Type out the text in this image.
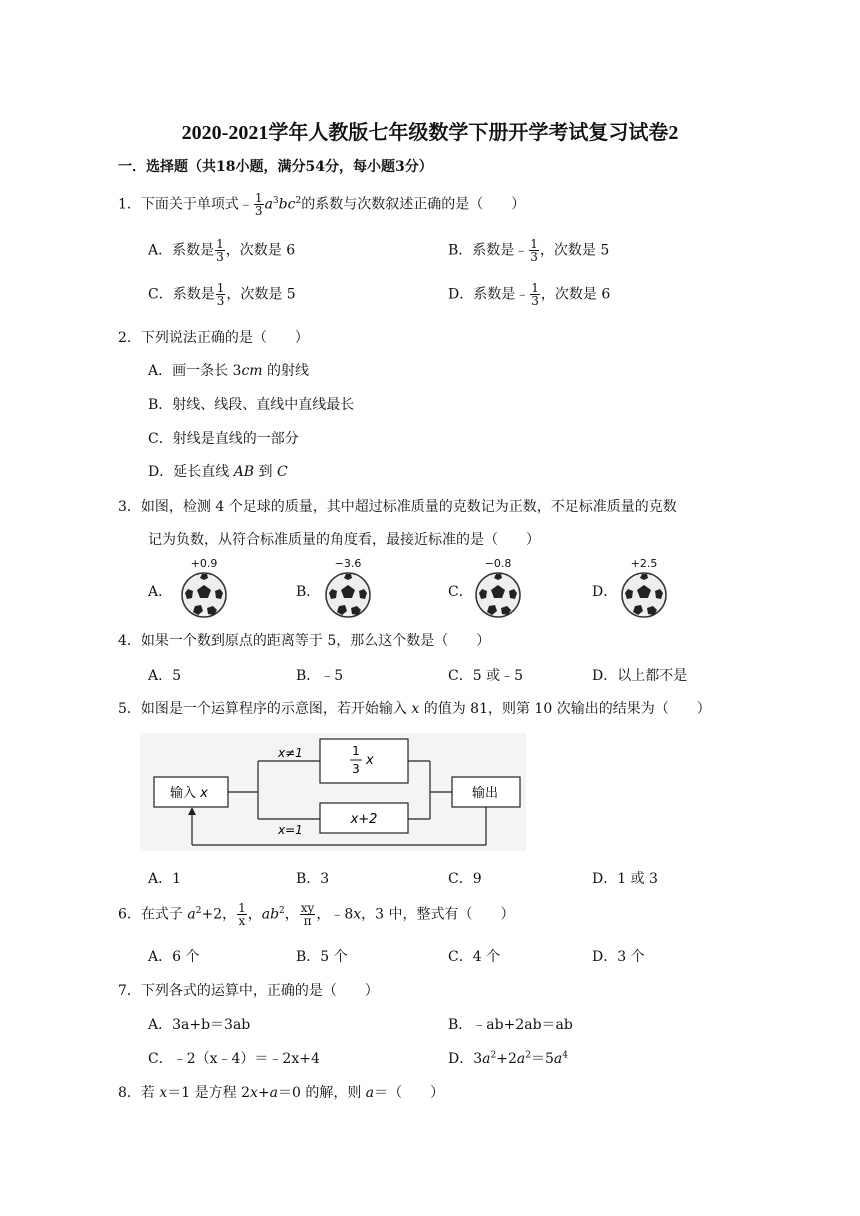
2020-2021学年人教版七年级数学下册开学考试复习试卷2
一．选择题（共18小题，满分54分，每小题3分）
1．下面关于单项式﹣ $\frac{1}{3} a^3bc^2$的系数与次数叙述正确的是（　　）
A．系数是 $\frac{1}{3}$ ，次数是 6	B．系数是﹣ $\frac{1}{3}$ ，次数是 5
C．系数是 $\frac{1}{3}$ ，次数是 5	D．系数是﹣ $\frac{1}{3}$ ，次数是 6
2．下列说法正确的是（　　）
A．画一条长 3cm 的射线
B．射线、线段、直线中直线最长
C．射线是直线的一部分
D．延长直线 AB 到 C
3．如图，检测 4 个足球的质量，其中超过标准质量的克数记为正数，不足标准质量的克数
记为负数，从符合标准质量的角度看，最接近标准的是（　　）
A．
+0.9
B．
−3.6
C．
−0.8
D．
+2.5
4．如果一个数到原点的距离等于 5，那么这个数是（　　）
A．5	B．﹣5	C．5 或﹣5	D．以上都不是
5．如图是一个运算程序的示意图，若开始输入 x 的值为 81，则第 10 次输出的结果为（　　）
输入 x	输出
1
3
x
x+2
x≠1
x=1
A．1	B．3	C．9	D．1 或 3
6．在式子 $a^2+2$， $\frac{1}{x}$ ，$ab^2$， $\frac{xy}{\pi}$ ，﹣8x，3 中，整式有（　　）
A．6 个	B．5 个	C．4 个	D．3 个
7．下列各式的运算中，正确的是（　　）
A．3a+b＝3ab	B．﹣ab+2ab＝ab
C．﹣2（x﹣4）＝﹣2x+4	D．$3a^2+2a^2=5a^4$
8．若 x＝1 是方程 2x+a＝0 的解，则 a＝（　　）
